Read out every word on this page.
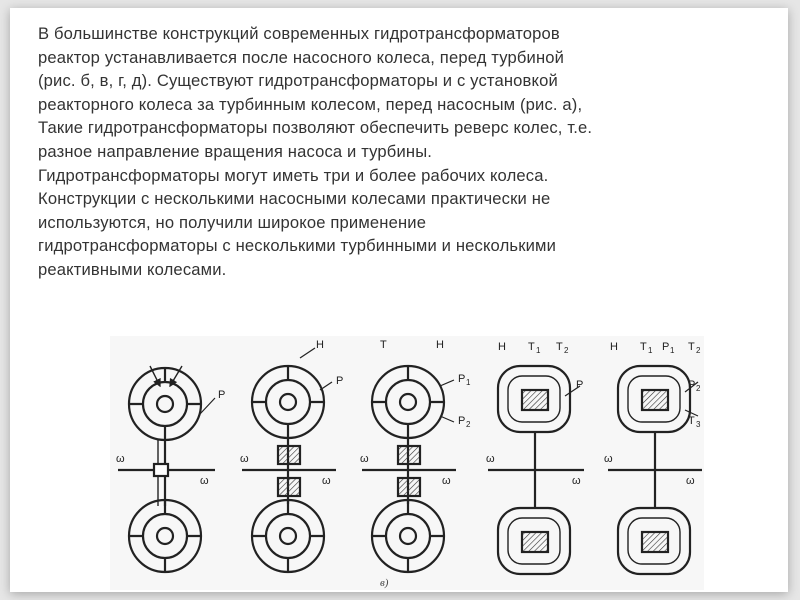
В большинстве конструкций современных гидротрансформаторов
реактор устанавливается после насосного колеса, перед турбиной
(рис. б, в, г, д). Существуют гидротрансформаторы и с установкой
реакторного колеса за турбинным колесом, перед насосным (рис. а),
Такие гидротрансформаторы позволяют обеспечить реверс колес, т.е.
разное направление вращения насоса и турбины.
Гидротрансформаторы могут иметь три и более рабочих колеса.
Конструкции с несколькими насосными колесами практически не
используются, но получили широкое применение
гидротрансформаторы с несколькими турбинными и несколькими
реактивными колесами.

P
ω
ω
H
P
ω
ω
T	H
P 1
P 2
ω
ω
H T 1 T 2
P
ω
ω
H T 1 P 1 T 2
P 2
T 3
ω
ω
в)
